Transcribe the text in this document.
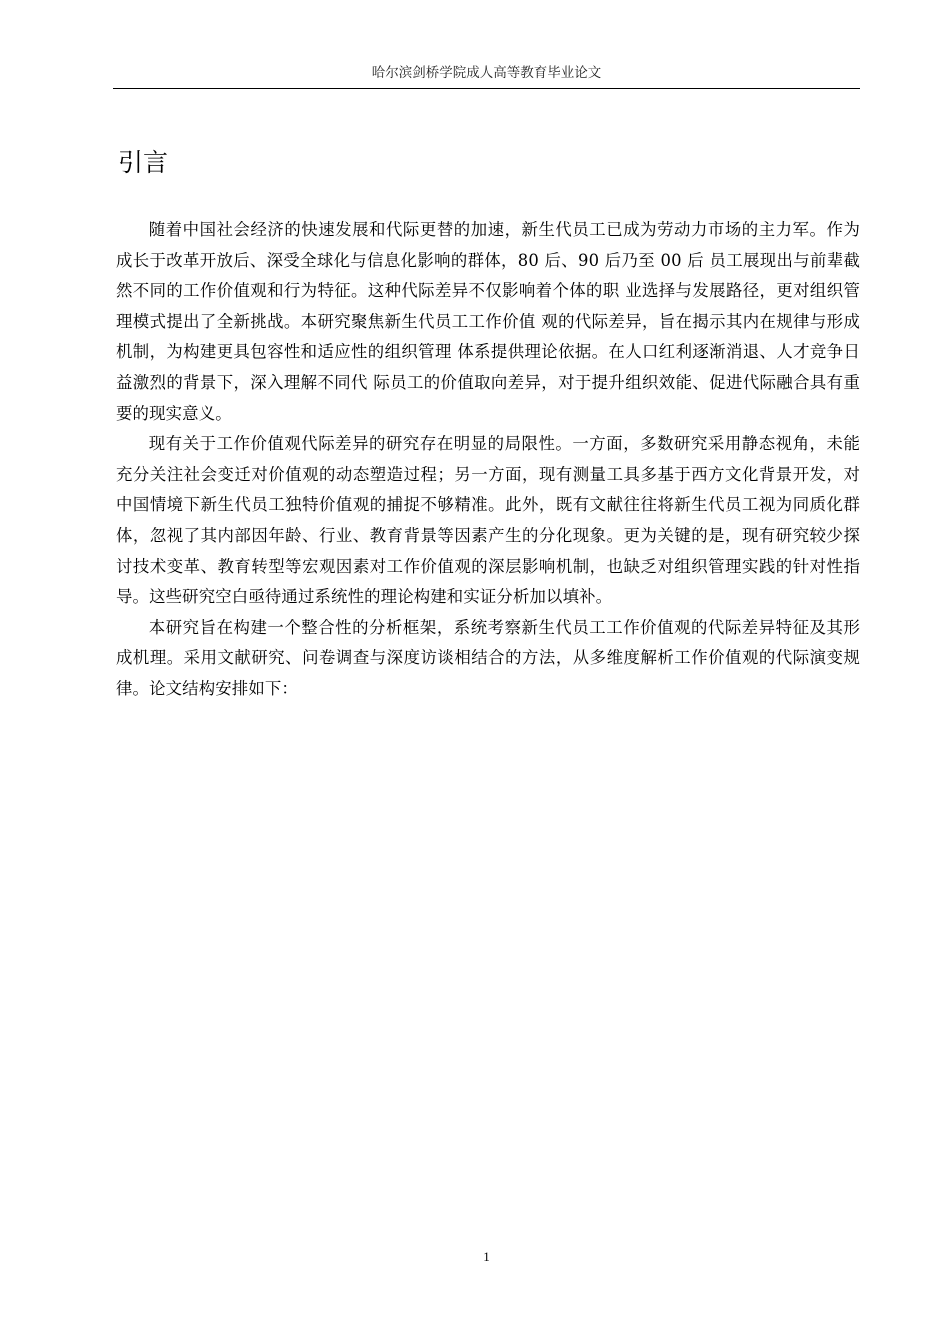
哈尔滨剑桥学院成人高等教育毕业论文
引言

随着中国社会经济的快速发展和代际更替的加速，新生代员工已成为劳动力市场的主力军。作为成长于改革开放后、深受全球化与信息化影响的群体，80 后、90 后乃至 00 后 员工展现出与前辈截然不同的工作价值观和行为特征。这种代际差异不仅影响着个体的职 业选择与发展路径，更对组织管理模式提出了全新挑战。本研究聚焦新生代员工工作价值 观的代际差异，旨在揭示其内在规律与形成机制，为构建更具包容性和适应性的组织管理 体系提供理论依据。在人口红利逐渐消退、人才竞争日益激烈的背景下，深入理解不同代 际员工的价值取向差异，对于提升组织效能、促进代际融合具有重要的现实意义。

现有关于工作价值观代际差异的研究存在明显的局限性。一方面，多数研究采用静态视角，未能充分关注社会变迁对价值观的动态塑造过程；另一方面，现有测量工具多基于西方文化背景开发，对中国情境下新生代员工独特价值观的捕捉不够精准。此外，既有文献往往将新生代员工视为同质化群体，忽视了其内部因年龄、行业、教育背景等因素产生的分化现象。更为关键的是，现有研究较少探讨技术变革、教育转型等宏观因素对工作价值观的深层影响机制，也缺乏对组织管理实践的针对性指导。这些研究空白亟待通过系统性的理论构建和实证分析加以填补。

本研究旨在构建一个整合性的分析框架，系统考察新生代员工工作价值观的代际差异特征及其形成机理。采用文献研究、问卷调查与深度访谈相结合的方法，从多维度解析工作价值观的代际演变规律。论文结构安排如下：

1
